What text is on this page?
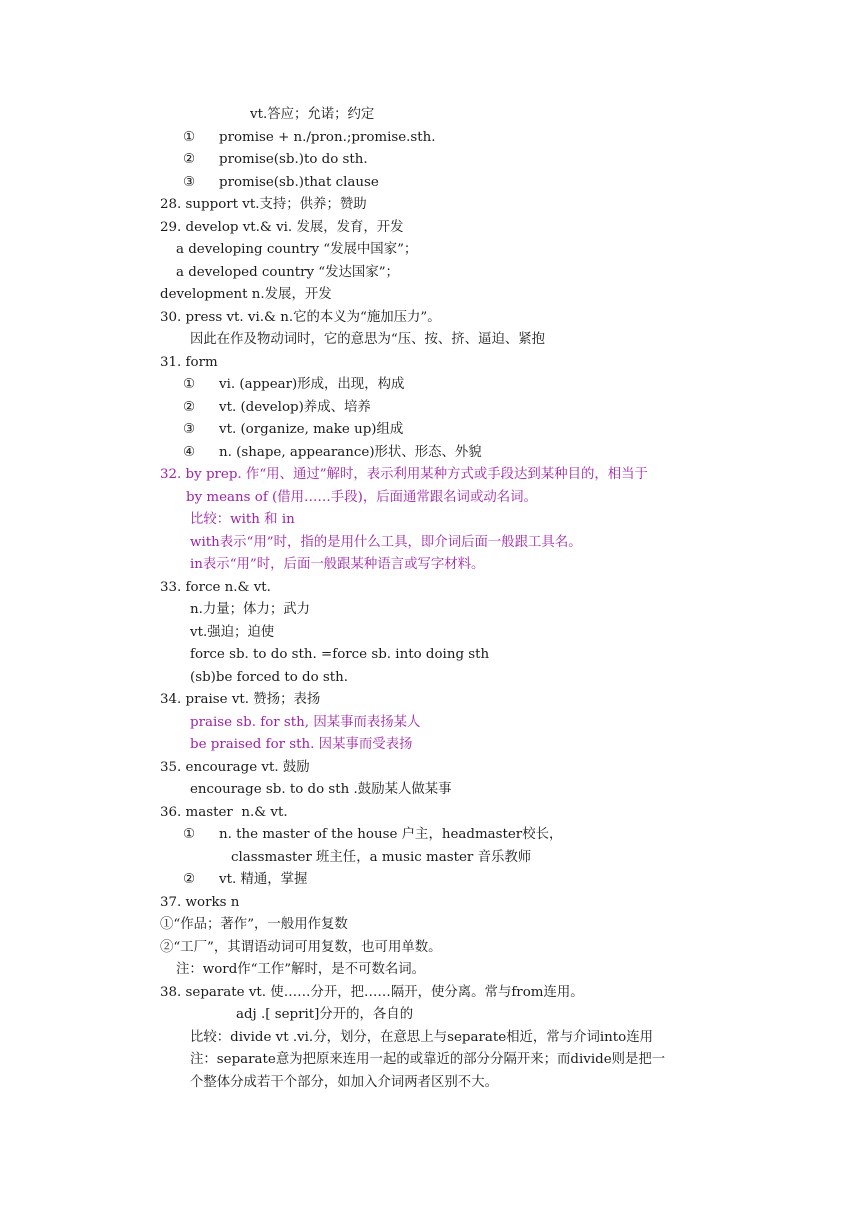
vt.答应；允诺；约定
① promise + n./pron.;promise.sth.
② promise(sb.)to do sth.
③ promise(sb.)that clause
28. support vt.支持；供养；赞助
29. develop vt.& vi. 发展，发育，开发
a developing country “发展中国家”；
a developed country “发达国家”；
development n.发展，开发
30. press vt. vi.& n.它的本义为“施加压力”。
因此在作及物动词时，它的意思为“压、按、挤、逼迫、紧抱
31. form
① vi. (appear)形成，出现，构成
② vt. (develop)养成、培养
③ vt. (organize, make up)组成
④ n. (shape, appearance)形状、形态、外貌
32. by prep. 作“用、通过”解时，表示利用某种方式或手段达到某种目的，相当于
by means of (借用……手段)，后面通常跟名词或动名词。
比较：with 和 in
with表示“用”时，指的是用什么工具，即介词后面一般跟工具名。
in表示“用”时，后面一般跟某种语言或写字材料。
33. force n.& vt.
n.力量；体力；武力
vt.强迫；迫使
force sb. to do sth. =force sb. into doing sth
(sb)be forced to do sth.
34. praise vt. 赞扬；表扬
praise sb. for sth, 因某事而表扬某人
be praised for sth. 因某事而受表扬
35. encourage vt. 鼓励
encourage sb. to do sth .鼓励某人做某事
36. master  n.& vt.
① n. the master of the house 户主，headmaster校长，
classmaster 班主任，a music master 音乐教师
② vt. 精通，掌握
37. works n
①“作品；著作”，一般用作复数
②“工厂”，其谓语动词可用复数，也可用单数。
注：word作“工作”解时，是不可数名词。
38. separate vt. 使……分开，把……隔开，使分离。常与from连用。
adj .[ seprit]分开的，各自的
比较：divide vt .vi.分，划分，在意思上与separate相近，常与介词into连用
注：separate意为把原来连用一起的或靠近的部分分隔开来；而divide则是把一
个整体分成若干个部分，如加入介词两者区别不大。
